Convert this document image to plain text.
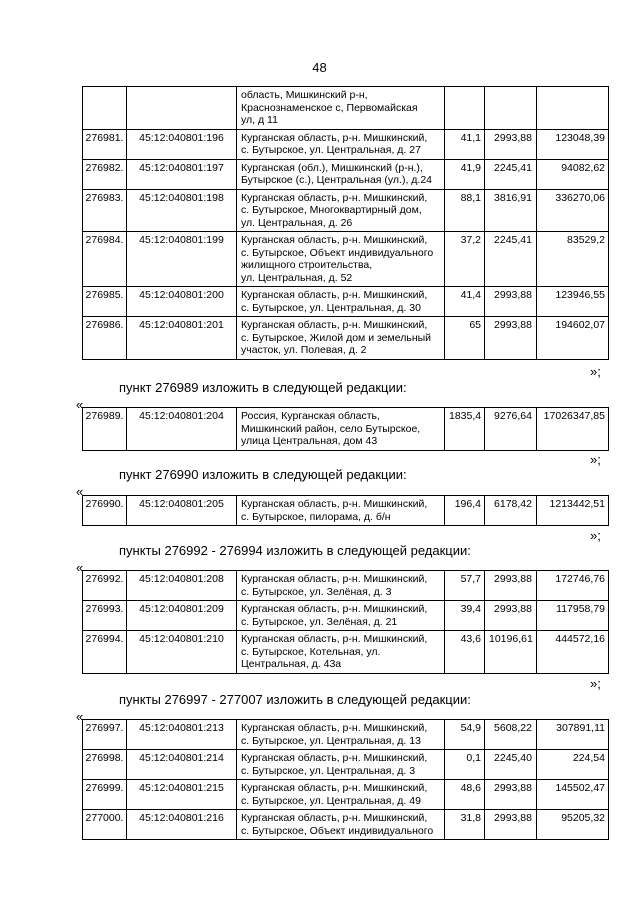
48

		область, Мишкинский р-н,
Краснознаменское с, Первомайская
ул, д 11			

276981.	45:12:040801:196	Курганская область, р-н. Мишкинский,
с. Бутырское, ул. Центральная, д. 27	41,1	2993,88	123048,39
276982.	45:12:040801:197	Курганская (обл.), Мишкинский (р-н.),
Бутырское (с.), Центральная (ул.), д.24	41,9	2245,41	94082,62
276983.	45:12:040801:198	Курганская область, р-н. Мишкинский,
с. Бутырское, Многоквартирный дом,
ул. Центральная, д. 26	88,1	3816,91	336270,06
276984.	45:12:040801:199	Курганская область, р-н. Мишкинский,
с. Бутырское, Объект индивидуального
жилищного строительства,
ул. Центральная, д. 52	37,2	2245,41	83529,2
276985.	45:12:040801:200	Курганская область, р-н. Мишкинский,
с. Бутырское, ул. Центральная, д. 30	41,4	2993,88	123946,55
276986.	45:12:040801:201	Курганская область, р-н. Мишкинский,
с. Бутырское, Жилой дом и земельный
участок, ул. Полевая, д. 2	65	2993,88	194602,07
»;
пункт 276989 изложить в следующей редакции:
«
276989.	45:12:040801:204	Россия, Курганская область,
Мишкинский район, село Бутырское,
улица Центральная, дом 43
	1835,4	9276,64	17026347,85
»;
пункт 276990 изложить в следующей редакции:
«
276990.	45:12:040801:205	Курганская область, р-н. Мишкинский,
с. Бутырское, пилорама, д. б/н
	196,4	6178,42	1213442,51
»;
пункты 276992 - 276994 изложить в следующей редакции:
«
276992.	45:12:040801:208	Курганская область, р-н. Мишкинский,
с. Бутырское, ул. Зелёная, д. 3	57,7	2993,88	172746,76
276993.	45:12:040801:209	Курганская область, р-н. Мишкинский,
с. Бутырское, ул. Зелёная, д. 21	39,4	2993,88	117958,79
276994.	45:12:040801:210	Курганская область, р-н. Мишкинский,
с. Бутырское, Котельная, ул.
Центральная, д. 43а	43,6	10196,61	444572,16
»;
пункты 276997 - 277007 изложить в следующей редакции:
«
276997.	45:12:040801:213	Курганская область, р-н. Мишкинский,
с. Бутырское, ул. Центральная, д. 13	54,9	5608,22	307891,11
276998.	45:12:040801:214	Курганская область, р-н. Мишкинский,
с. Бутырское, ул. Центральная, д. 3	0,1	2245,40	224,54
276999.	45:12:040801:215	Курганская область, р-н. Мишкинский,
с. Бутырское, ул. Центральная, д. 49	48,6	2993,88	145502,47
277000.	45:12:040801:216	Курганская область, р-н. Мишкинский,
с. Бутырское, Объект индивидуального	31,8	2993,88	95205,32
